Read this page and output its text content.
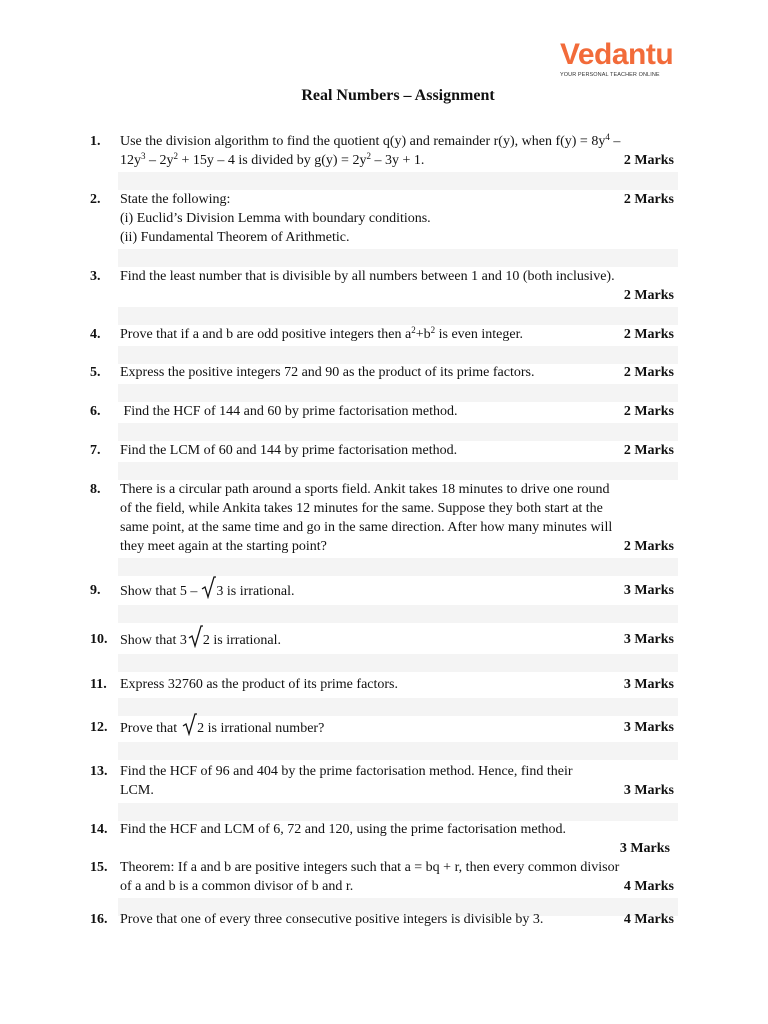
Vedantu
YOUR PERSONAL TEACHER ONLINE
Real Numbers – Assignment
1.	Use the division algorithm to find the quotient q(y) and remainder r(y), when $f(y) = 8y^4$ –
$12y^3 - 2y^2 + 15y - 4$ is divided by $g(y) = 2y^2 - 3y + 1$.	2 Marks
2.	State the following:	2 Marks
(i) Euclid’s Division Lemma with boundary conditions.
(ii) Fundamental Theorem of Arithmetic.
3.	Find the least number that is divisible by all numbers between 1 and 10 (both inclusive).
2 Marks

4.	Prove that if a and b are odd positive integers then $a^2+b^2$ is even integer.	2 Marks
5.	Express the positive integers 72 and 90 as the product of its prime factors.	2 Marks
6.	Find the HCF of 144 and 60 by prime factorisation method.	2 Marks
7.	Find the LCM of 60 and 144 by prime factorisation method.	2 Marks
8.	There is a circular path around a sports field. Ankit takes 18 minutes to drive one round
of the field, while Ankita takes 12 minutes for the same. Suppose they both start at the
same point, at the same time and go in the same direction. After how many minutes will
they meet again at the starting point?	2 Marks
9.	Show that 5 – 3 is irrational.	3 Marks
10. Show that 3 2 is irrational.	3 Marks
11. Express 32760 as the product of its prime factors.	3 Marks
12. Prove that 2 is irrational number?	3 Marks
13. Find the HCF of 96 and 404 by the prime factorisation method. Hence, find their
LCM.	3 Marks
14. Find the HCF and LCM of 6, 72 and 120, using the prime factorisation method.
3 Marks

15. Theorem: If a and b are positive integers such that a = bq + r, then every common divisor
of a and b is a common divisor of b and r.	4 Marks
16. Prove that one of every three consecutive positive integers is divisible by 3.	4 Marks
